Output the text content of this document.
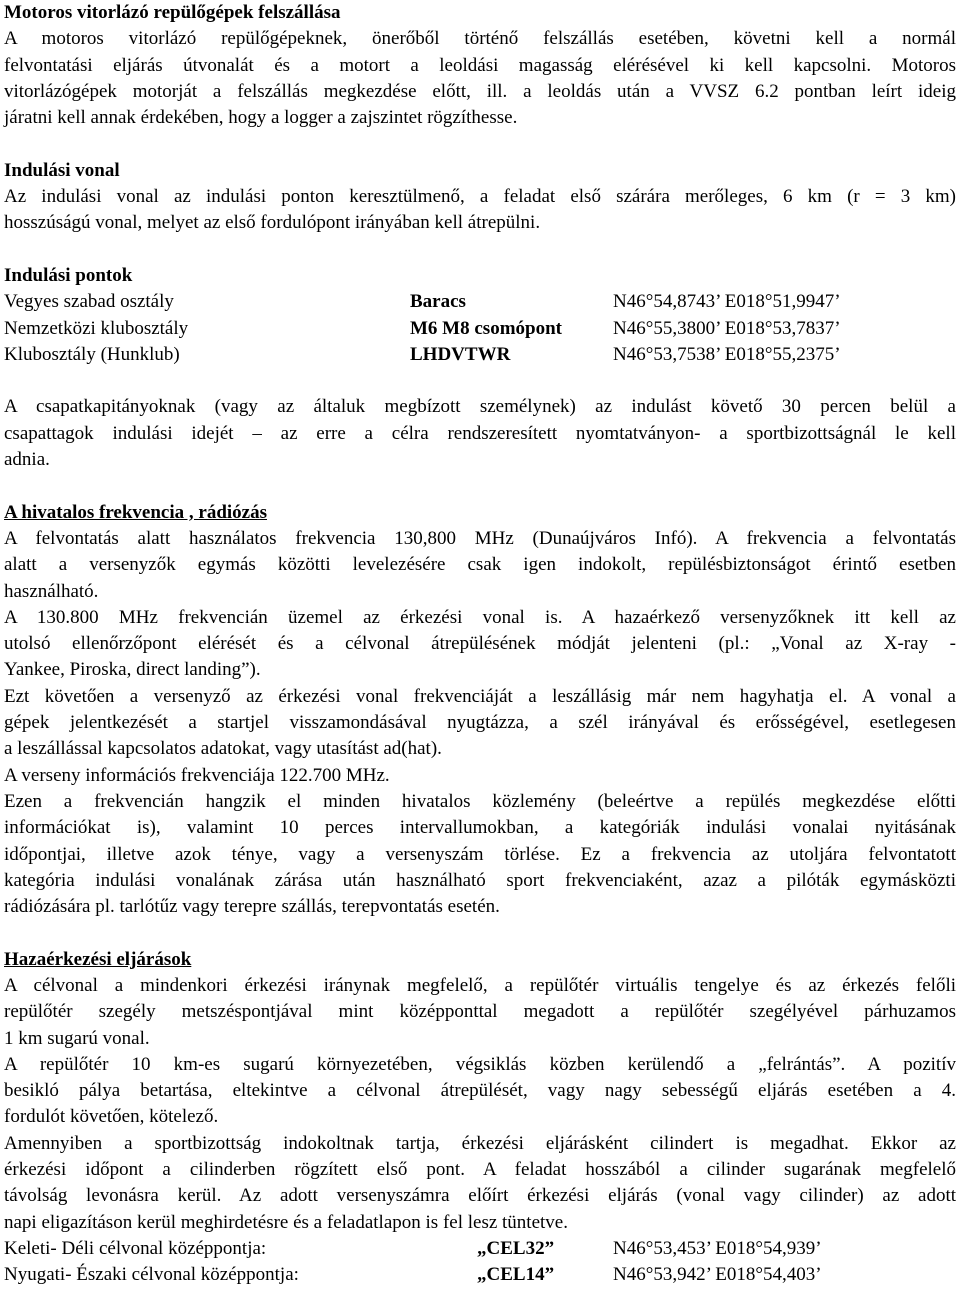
Motoros vitorlázó repülőgépek felszállása
A motoros vitorlázó repülőgépeknek, önerőből történő felszállás esetében, követni kell a normál
felvontatási eljárás útvonalát és a motort a leoldási magasság elérésével ki kell kapcsolni. Motoros
vitorlázógépek motorját a felszállás megkezdése előtt, ill. a leoldás után a VVSZ 6.2 pontban leírt ideig
járatni kell annak érdekében, hogy a logger a zajszintet rögzíthesse.
Indulási vonal
Az indulási vonal az indulási ponton keresztülmenő, a feladat első szárára merőleges, 6 km (r = 3 km)
hosszúságú vonal, melyet az első fordulópont irányában kell átrepülni.
Indulási pontok
Vegyes szabad osztály	Baracs	N46°54,8743’ E018°51,9947’
Nemzetközi klubosztály	M6 M8 csomópont	N46°55,3800’ E018°53,7837’
Klubosztály (Hunklub)	LHDVTWR	N46°53,7538’ E018°55,2375’
A csapatkapitányoknak (vagy az általuk megbízott személynek) az indulást követő 30 percen belül a
csapattagok indulási idejét – az erre a célra rendszeresített nyomtatványon- a sportbizottságnál le kell
adnia.
A hivatalos frekvencia , rádiózás
A felvontatás alatt használatos frekvencia 130,800 MHz (Dunaújváros Infó). A frekvencia a felvontatás
alatt a versenyzők egymás közötti levelezésére csak igen indokolt, repülésbiztonságot érintő esetben
használható.
A 130.800 MHz frekvencián üzemel az érkezési vonal is. A hazaérkező versenyzőknek itt kell az
utolsó ellenőrzőpont elérését és a célvonal átrepülésének módját jelenteni (pl.: „Vonal az X-ray -
Yankee, Piroska, direct landing”).
Ezt követően a versenyző az érkezési vonal frekvenciáját a leszállásig már nem hagyhatja el. A vonal a
gépek jelentkezését a startjel visszamondásával nyugtázza, a szél irányával és erősségével, esetlegesen
a leszállással kapcsolatos adatokat, vagy utasítást ad(hat).
A verseny információs frekvenciája 122.700 MHz.
Ezen a frekvencián hangzik el minden hivatalos közlemény (beleértve a repülés megkezdése előtti
információkat is), valamint 10 perces intervallumokban, a kategóriák indulási vonalai nyitásának
időpontjai, illetve azok ténye, vagy a versenyszám törlése. Ez a frekvencia az utoljára felvontatott
kategória indulási vonalának zárása után használható sport frekvenciaként, azaz a pilóták egymásközti
rádiózására pl. tarlótűz vagy terepre szállás, terepvontatás esetén.
Hazaérkezési eljárások
A célvonal a mindenkori érkezési iránynak megfelelő, a repülőtér virtuális tengelye és az érkezés felőli
repülőtér szegély metszéspontjával mint középponttal megadott a repülőtér szegélyével párhuzamos
1 km sugarú vonal.
A repülőtér 10 km-es sugarú környezetében, végsiklás közben kerülendő a „felrántás”. A pozitív
besikló pálya betartása, eltekintve a célvonal átrepülését, vagy nagy sebességű eljárás esetében a 4.
fordulót követően, kötelező.
Amennyiben a sportbizottság indokoltnak tartja, érkezési eljárásként cilindert is megadhat. Ekkor az
érkezési időpont a cilinderben rögzített első pont. A feladat hosszából a cilinder sugarának megfelelő
távolság levonásra kerül. Az adott versenyszámra előírt érkezési eljárás (vonal vagy cilinder) az adott
napi eligazításon kerül meghirdetésre és a feladatlapon is fel lesz tüntetve.
Keleti- Déli célvonal középpontja:	„CEL32”	N46°53,453’ E018°54,939’
Nyugati- Északi célvonal középpontja:	„CEL14”	N46°53,942’ E018°54,403’
